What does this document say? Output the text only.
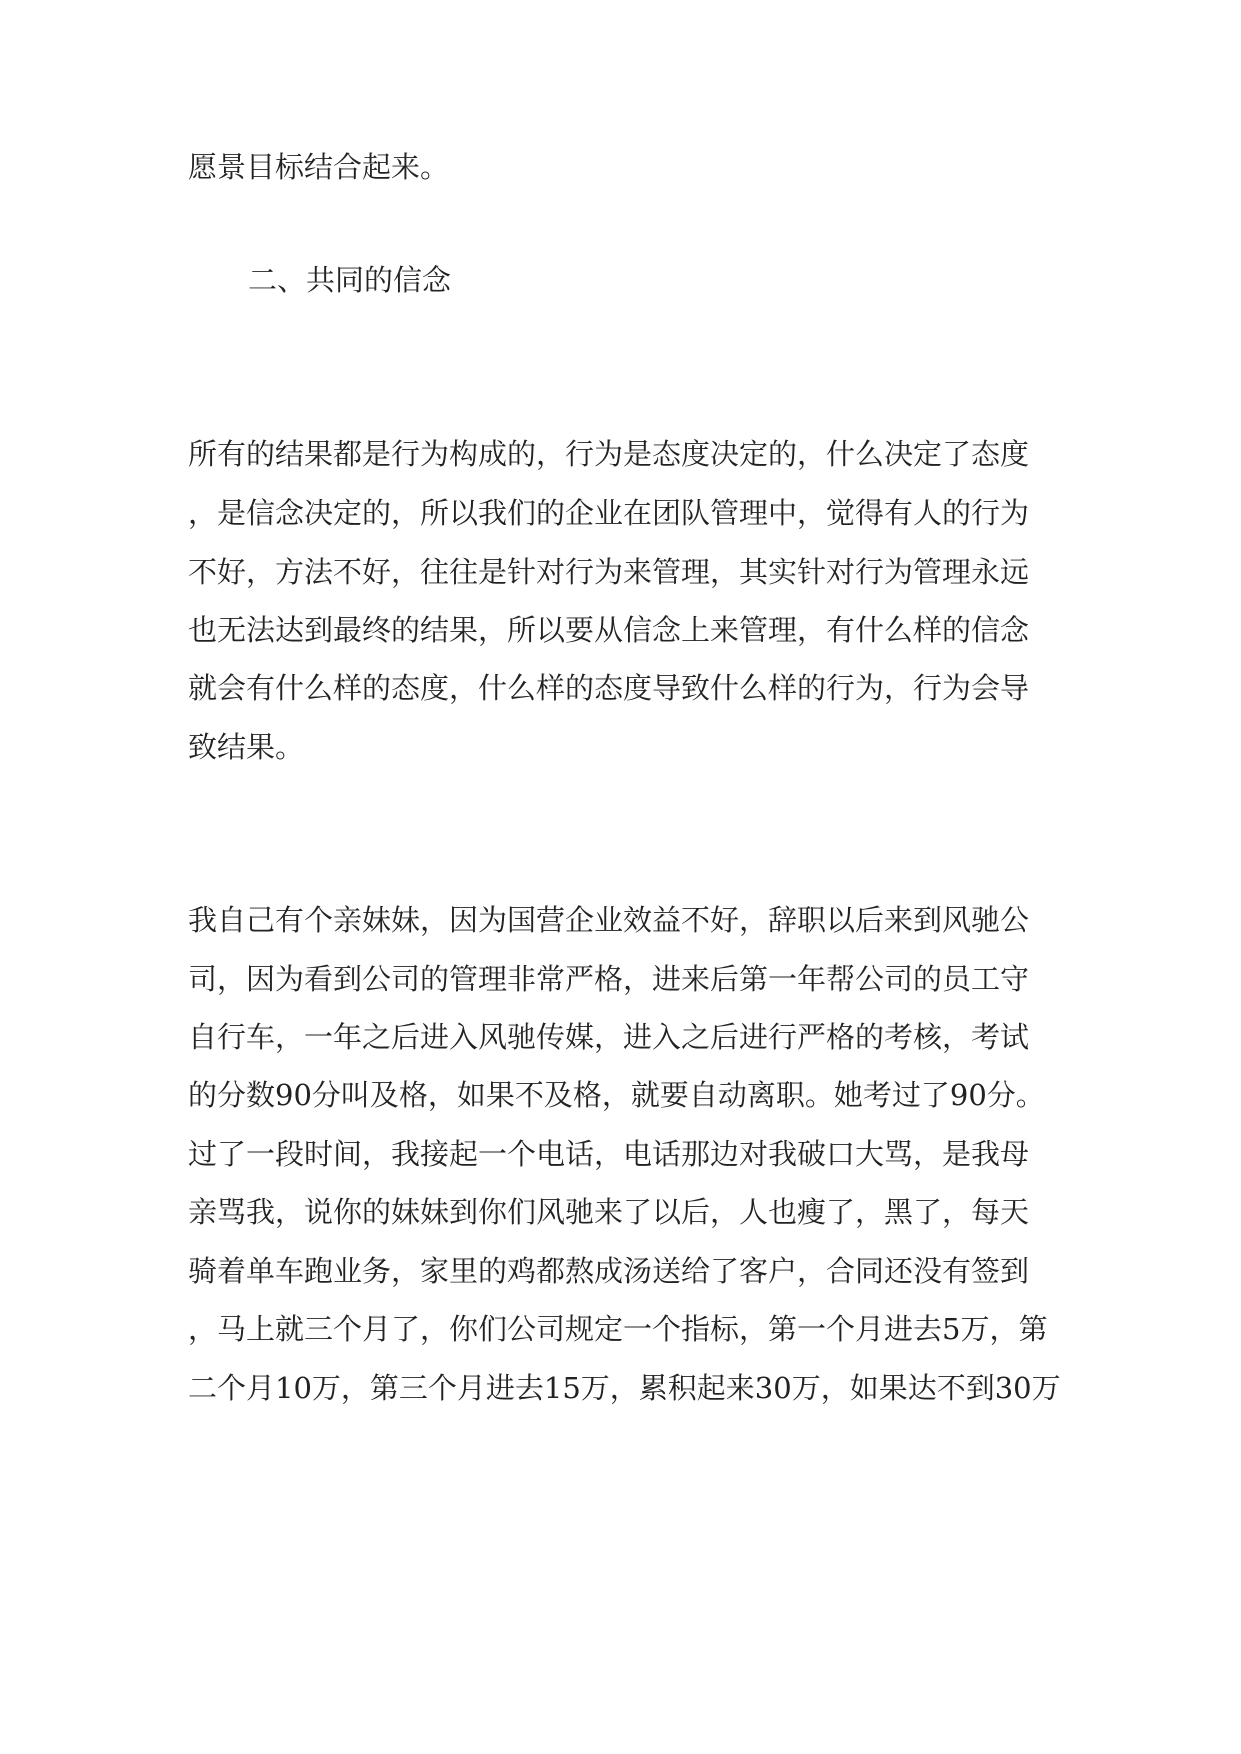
愿景目标结合起来。
二、共同的信念
所有的结果都是行为构成的，行为是态度决定的，什么决定了态度
，是信念决定的，所以我们的企业在团队管理中，觉得有人的行为
不好，方法不好，往往是针对行为来管理，其实针对行为管理永远
也无法达到最终的结果，所以要从信念上来管理，有什么样的信念
就会有什么样的态度，什么样的态度导致什么样的行为，行为会导
致结果。
我自己有个亲妹妹，因为国营企业效益不好，辞职以后来到风驰公
司，因为看到公司的管理非常严格，进来后第一年帮公司的员工守
自行车，一年之后进入风驰传媒，进入之后进行严格的考核，考试
的分数90分叫及格，如果不及格，就要自动离职。她考过了90分。
过了一段时间，我接起一个电话，电话那边对我破口大骂，是我母
亲骂我，说你的妹妹到你们风驰来了以后，人也瘦了，黑了，每天
骑着单车跑业务，家里的鸡都熬成汤送给了客户，合同还没有签到
，马上就三个月了，你们公司规定一个指标，第一个月进去5万，第
二个月10万，第三个月进去15万，累积起来30万，如果达不到30万
